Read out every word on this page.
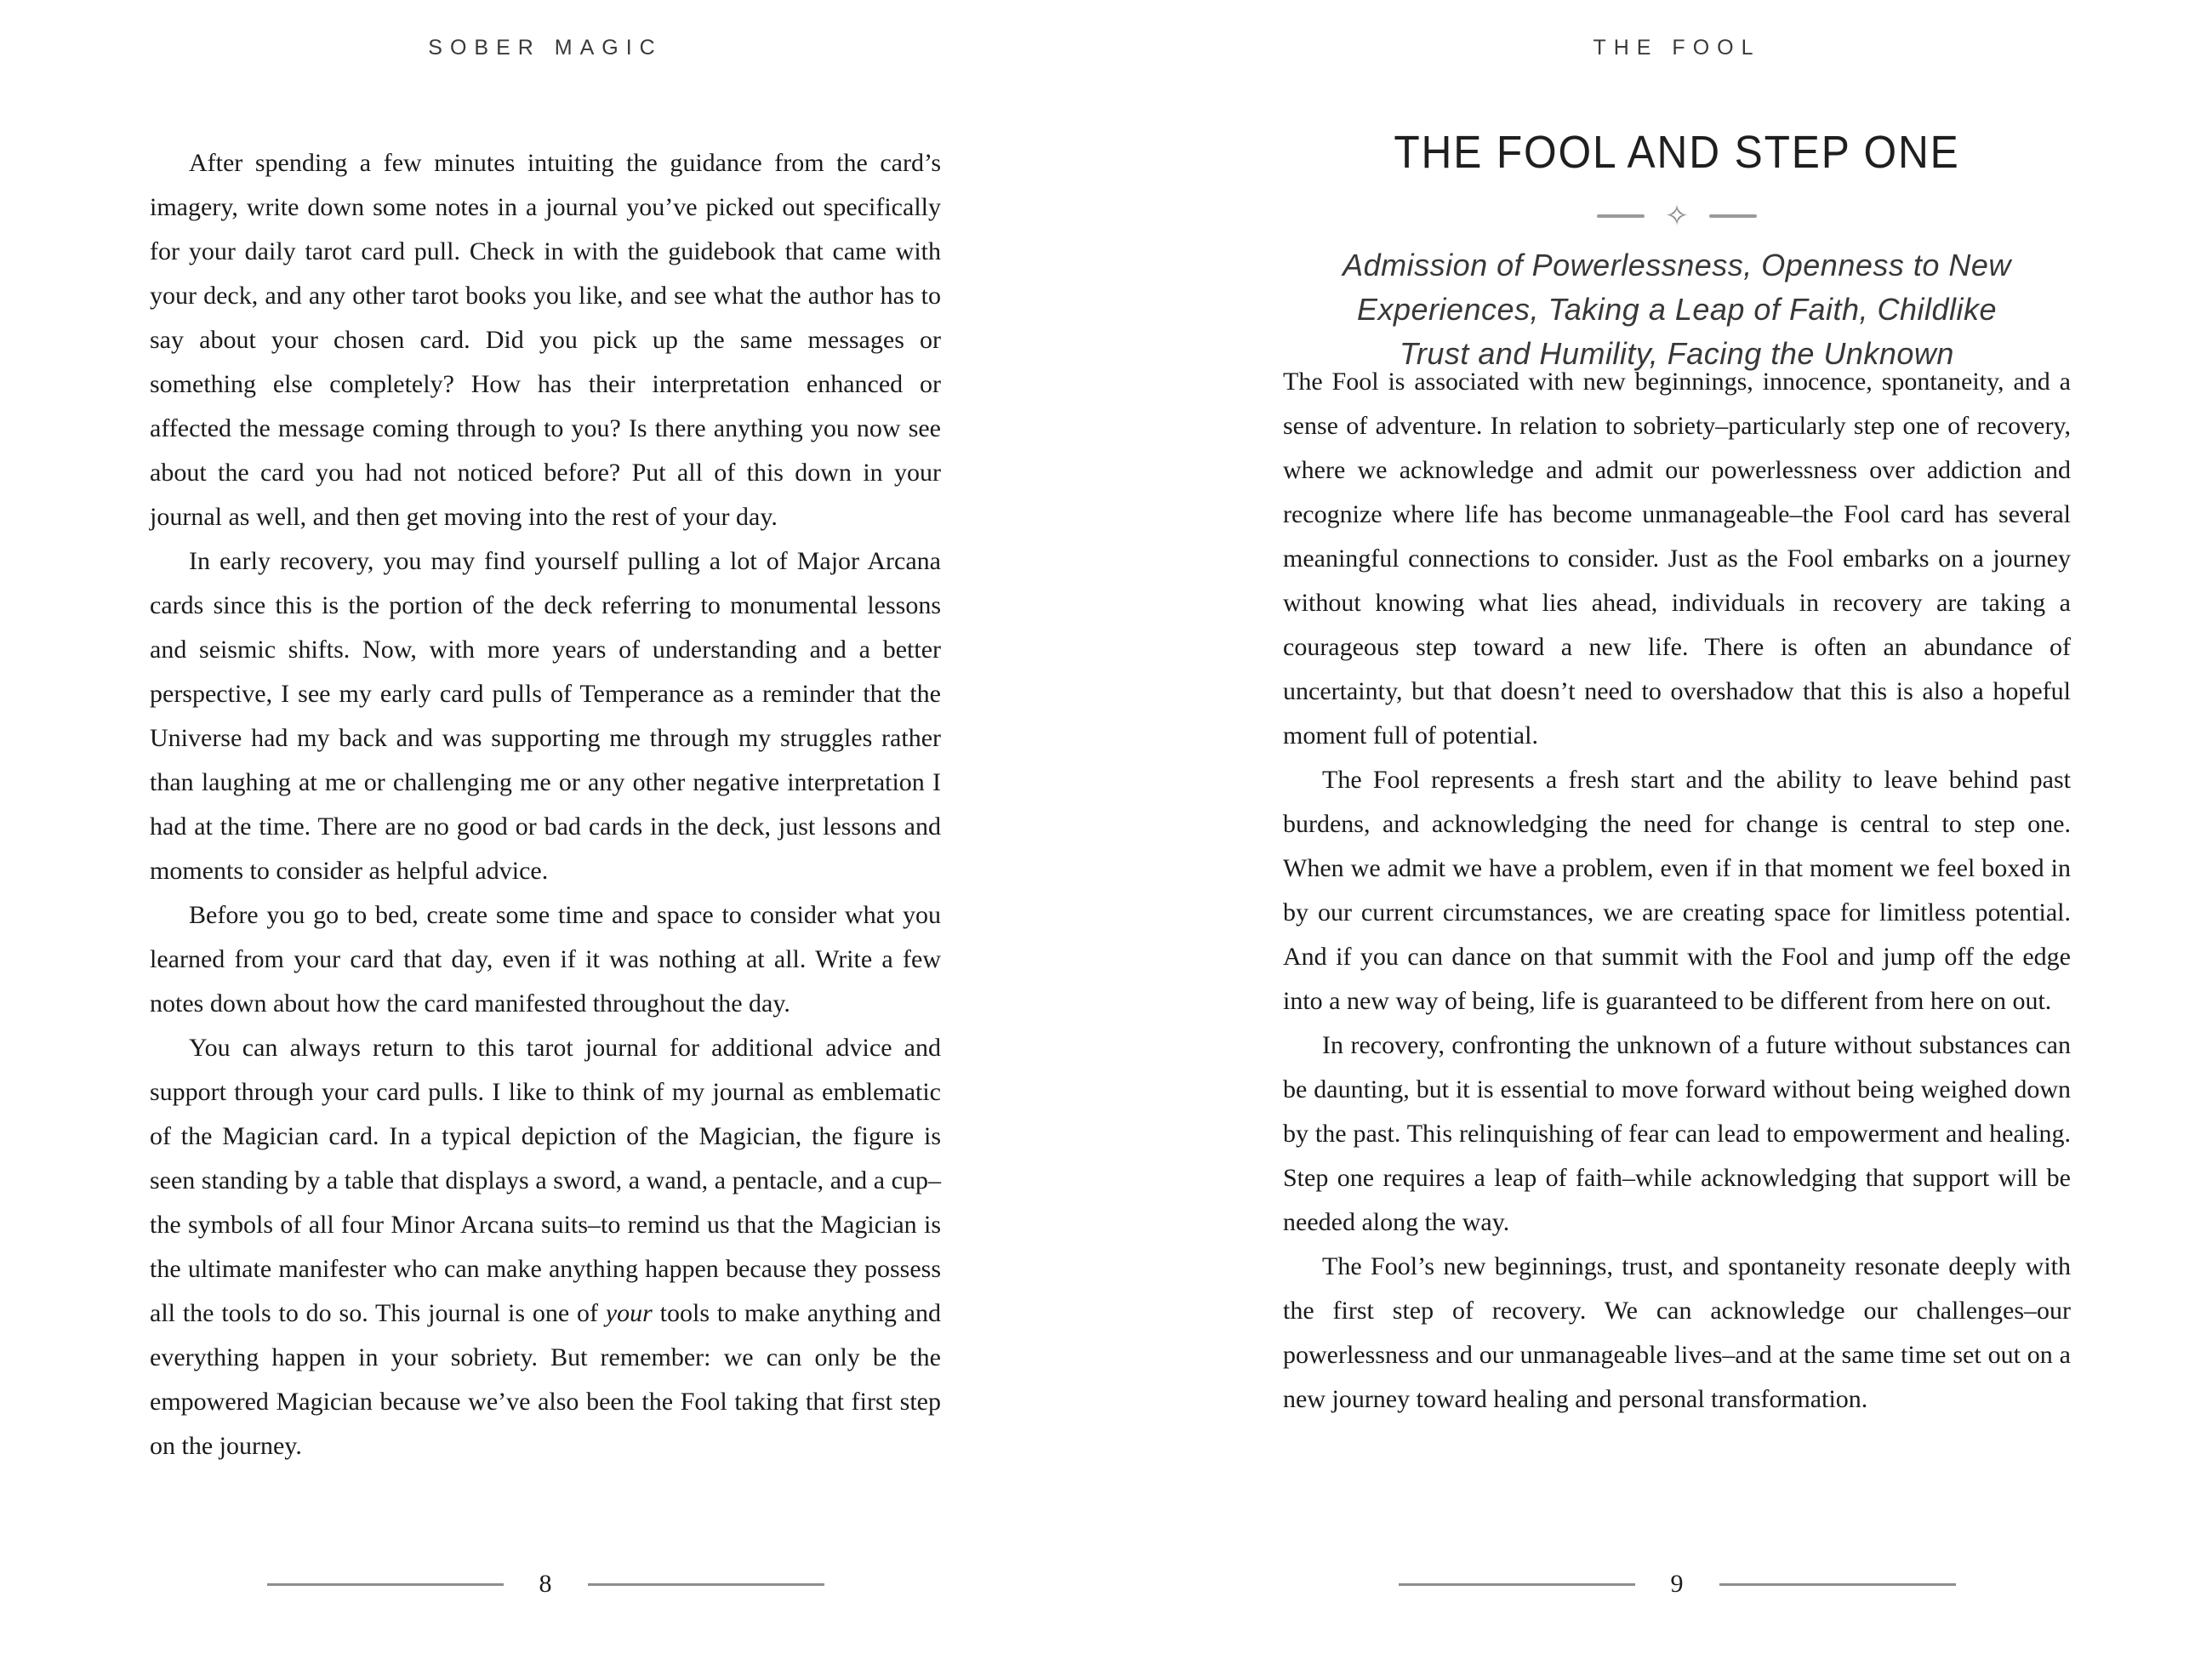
SOBER MAGIC

After spending a few minutes intuiting the guidance from the card’s imagery, write down some notes in a journal you’ve picked out specifically for your daily tarot card pull. Check in with the guidebook that came with your deck, and any other tarot books you like, and see what the author has to say about your chosen card. Did you pick up the same messages or something else completely? How has their interpretation enhanced or affected the message coming through to you? Is there anything you now see about the card you had not noticed before? Put all of this down in your journal as well, and then get moving into the rest of your day.

In early recovery, you may find yourself pulling a lot of Major Arcana cards since this is the portion of the deck referring to monumental lessons and seismic shifts. Now, with more years of understanding and a better perspective, I see my early card pulls of Temperance as a reminder that the Universe had my back and was supporting me through my struggles rather than laughing at me or challenging me or any other negative interpretation I had at the time. There are no good or bad cards in the deck, just lessons and moments to consider as helpful advice.

Before you go to bed, create some time and space to consider what you learned from your card that day, even if it was nothing at all. Write a few notes down about how the card manifested throughout the day.

You can always return to this tarot journal for additional advice and support through your card pulls. I like to think of my journal as emblematic of the Magician card. In a typical depiction of the Magician, the figure is seen standing by a table that displays a sword, a wand, a pentacle, and a cup–the symbols of all four Minor Arcana suits–to remind us that the Magician is the ultimate manifester who can make anything happen because they possess all the tools to do so. This journal is one of your tools to make anything and everything happen in your sobriety. But remember: we can only be the empowered Magician because we’ve also been the Fool taking that first step on the journey.

8
THE FOOL
THE FOOL AND STEP ONE
✧
Admission of Powerlessness, Openness to New
Experiences, Taking a Leap of Faith, Childlike
Trust and Humility, Facing the Unknown

The Fool is associated with new beginnings, innocence, spontaneity, and a sense of adventure. In relation to sobriety–particularly step one of recovery, where we acknowledge and admit our powerlessness over addiction and recognize where life has become unmanageable–the Fool card has several meaningful connections to consider. Just as the Fool embarks on a journey without knowing what lies ahead, individuals in recovery are taking a courageous step toward a new life. There is often an abundance of uncertainty, but that doesn’t need to overshadow that this is also a hopeful moment full of potential.

The Fool represents a fresh start and the ability to leave behind past burdens, and acknowledging the need for change is central to step one. When we admit we have a problem, even if in that moment we feel boxed in by our current circumstances, we are creating space for limitless potential. And if you can dance on that summit with the Fool and jump off the edge into a new way of being, life is guaranteed to be different from here on out.

In recovery, confronting the unknown of a future without substances can be daunting, but it is essential to move forward without being weighed down by the past. This relinquishing of fear can lead to empowerment and healing. Step one requires a leap of faith–while acknowledging that support will be needed along the way.

The Fool’s new beginnings, trust, and spontaneity resonate deeply with the first step of recovery. We can acknowledge our challenges–our powerlessness and our unmanageable lives–and at the same time set out on a new journey toward healing and personal transformation.

9
